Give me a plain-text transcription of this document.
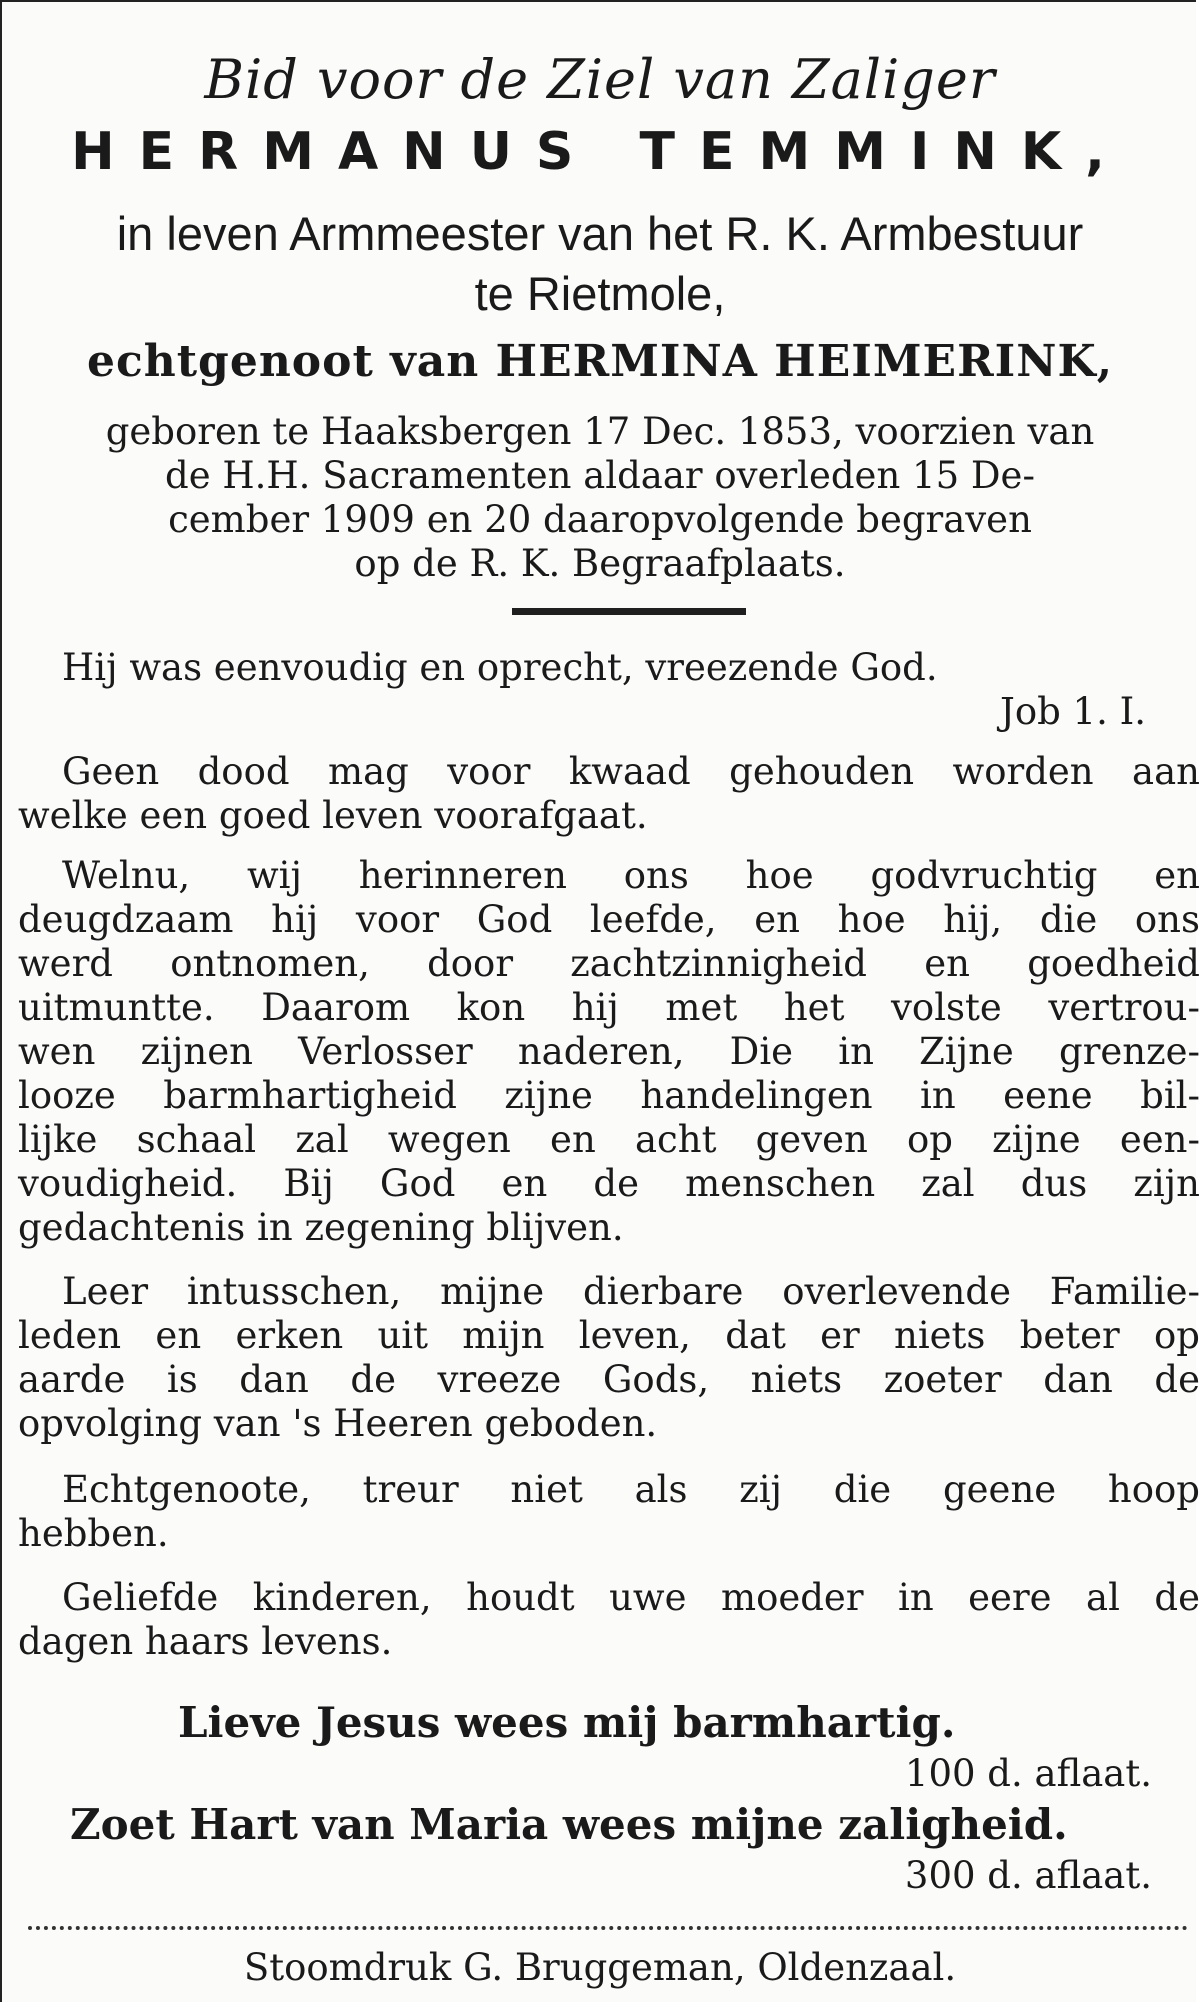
Bid voor de Ziel van Zaliger
HERMANUS TEMMINK,
in leven Armmeester van het R. K. Armbestuur
te Rietmole,
echtgenoot van HERMINA HEIMERINK,
geboren te Haaksbergen 17 Dec. 1853, voorzien van
de H.H. Sacramenten aldaar overleden 15 De-
cember 1909 en 20 daaropvolgende begraven
op de R. K. Begraafplaats.
Hij was eenvoudig en oprecht, vreezende God.
Job 1. I.
Geen dood mag voor kwaad gehouden worden aan
welke een goed leven voorafgaat.
Welnu, wij herinneren ons hoe godvruchtig en
deugdzaam hij voor God leefde, en hoe hij, die ons
werd ontnomen, door zachtzinnigheid en goedheid
uitmuntte. Daarom kon hij met het volste vertrou-
wen zijnen Verlosser naderen, Die in Zijne grenze-
looze barmhartigheid zijne handelingen in eene bil-
lijke schaal zal wegen en acht geven op zijne een-
voudigheid. Bij God en de menschen zal dus zijn
gedachtenis in zegening blijven.
Leer intusschen, mijne dierbare overlevende Familie-
leden en erken uit mijn leven, dat er niets beter op
aarde is dan de vreeze Gods, niets zoeter dan de
opvolging van 's Heeren geboden.
Echtgenoote, treur niet als zij die geene hoop
hebben.
Geliefde kinderen, houdt uwe moeder in eere al de
dagen haars levens.
Lieve Jesus wees mij barmhartig.
100 d. aflaat.
Zoet Hart van Maria wees mijne zaligheid.
300 d. aflaat.
Stoomdruk G. Bruggeman, Oldenzaal.
